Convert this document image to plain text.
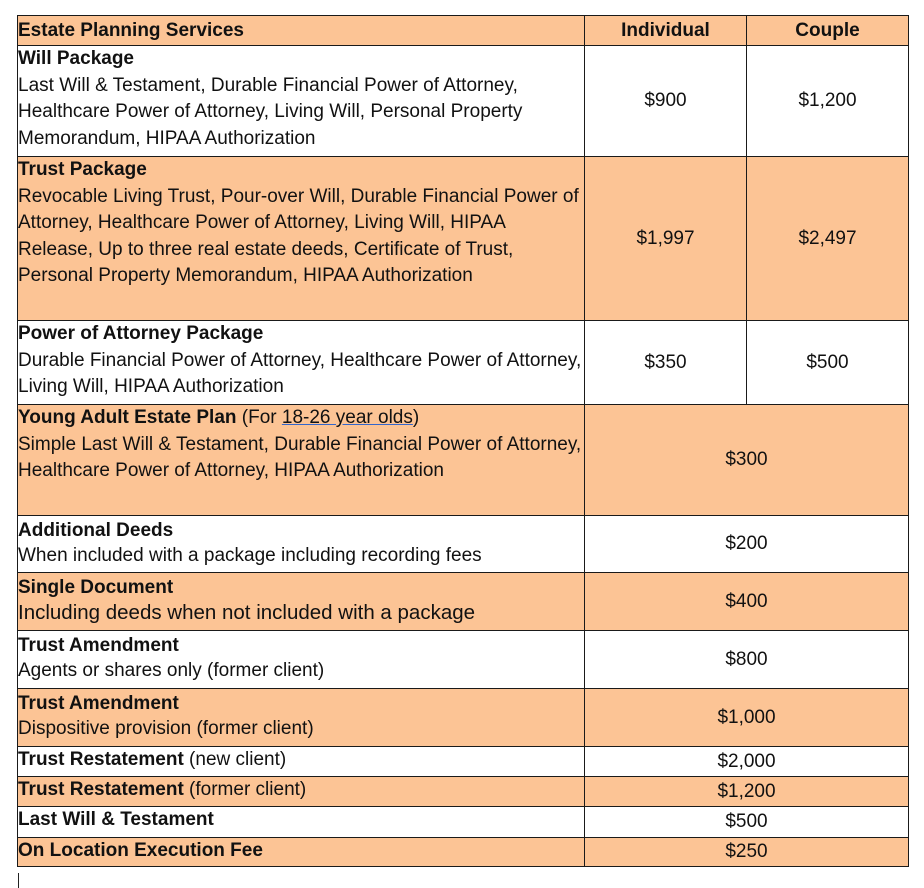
Estate Planning Services	Individual	Couple

Will Package
Last Will & Testament, Durable Financial Power of Attorney, Healthcare Power of Attorney, Living Will, Personal Property Memorandum, HIPAA Authorization	$900	$1,200

Trust Package
Revocable Living Trust, Pour-over Will, Durable Financial Power of Attorney, Healthcare Power of Attorney, Living Will, HIPAA Release, Up to three real estate deeds, Certificate of Trust, Personal Property Memorandum, HIPAA Authorization	$1,997	$2,497

Power of Attorney Package
Durable Financial Power of Attorney, Healthcare Power of Attorney, Living Will, HIPAA Authorization	$350	$500

Young Adult Estate Plan (For 18-26 year olds)
Simple Last Will & Testament, Durable Financial Power of Attorney, Healthcare Power of Attorney, HIPAA Authorization	$300	

Additional Deeds
When included with a package including recording fees	$200	

Single Document
Including deeds when not included with a package	$400	

Trust Amendment
Agents or shares only (former client)	$800	

Trust Amendment
Dispositive provision (former client)	$1,000	
Trust Restatement (new client)	$2,000	
Trust Restatement (former client)	$1,200	
Last Will & Testament	$500	
On Location Execution Fee	$250	
